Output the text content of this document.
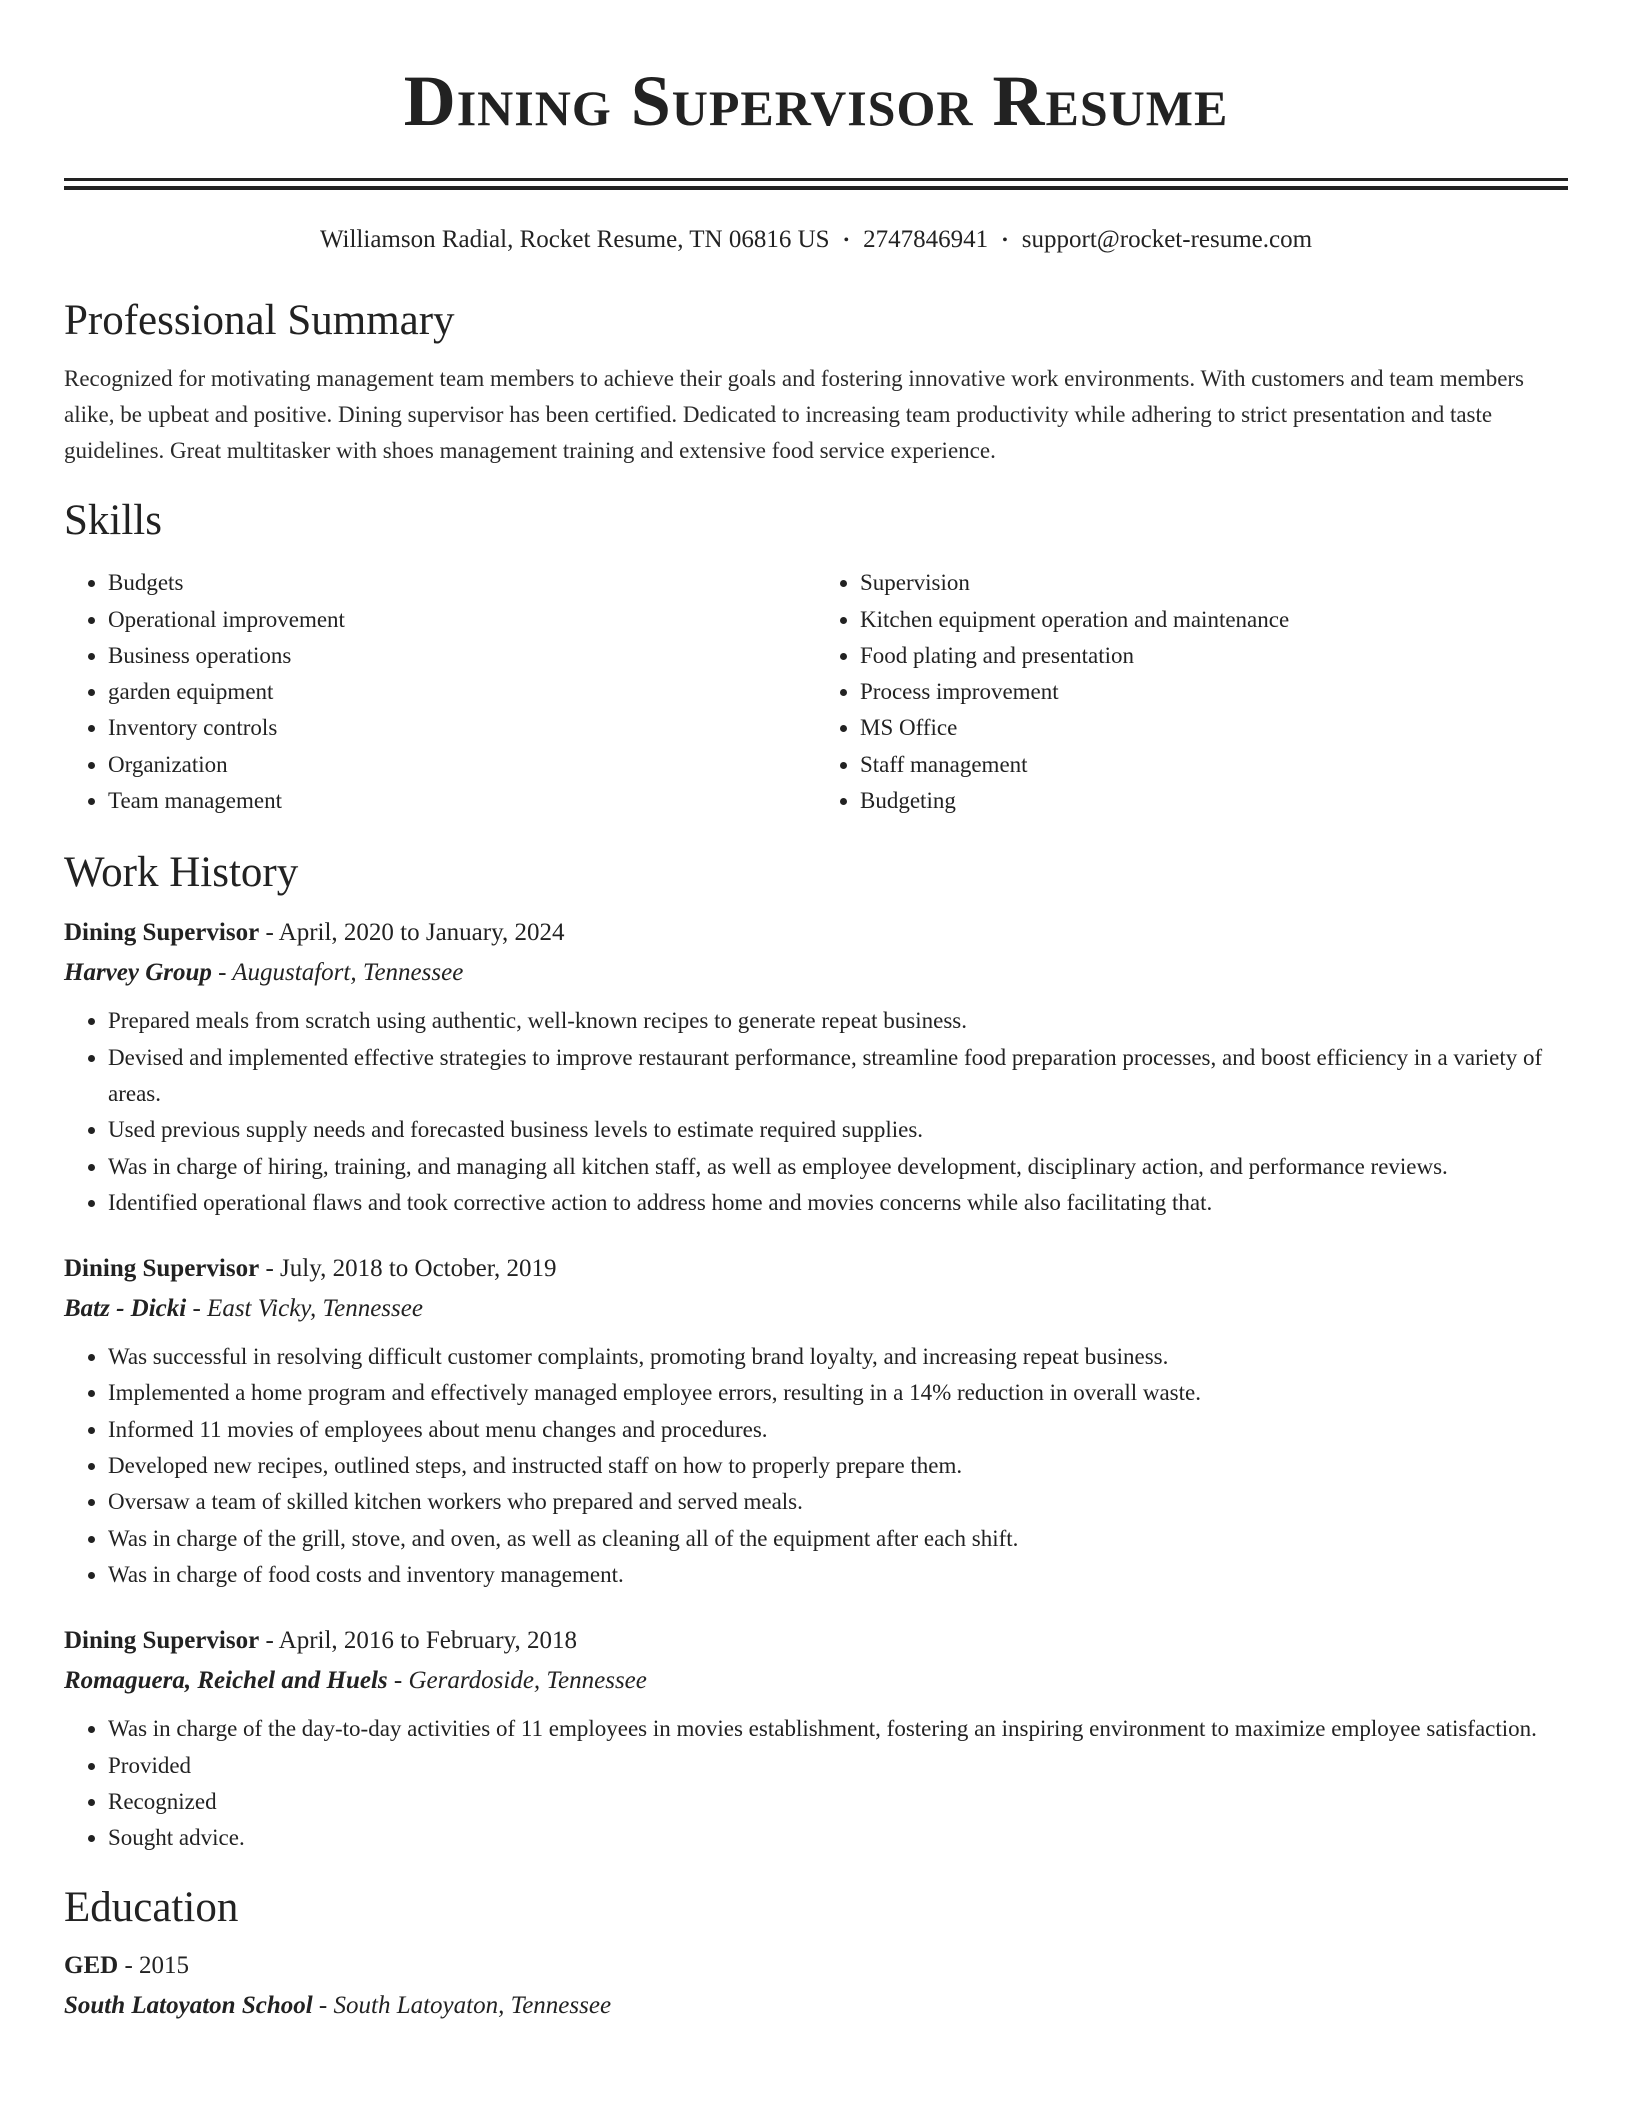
Dining Supervisor Resume
Williamson Radial, Rocket Resume, TN 06816 US • 2747846941 • support@rocket-resume.com
Professional Summary
Recognized for motivating management team members to achieve their goals and fostering innovative work environments. With customers and team members alike, be upbeat and positive. Dining supervisor has been certified. Dedicated to increasing team productivity while adhering to strict presentation and taste guidelines. Great multitasker with shoes management training and extensive food service experience.
Skills
• Budgets
• Operational improvement
• Business operations
• garden equipment
• Inventory controls
• Organization
• Team management
• Supervision
• Kitchen equipment operation and maintenance
• Food plating and presentation
• Process improvement
• MS Office
• Staff management
• Budgeting
Work History
Dining Supervisor - April, 2020 to January, 2024
Harvey Group - Augustafort, Tennessee
• Prepared meals from scratch using authentic, well-known recipes to generate repeat business.
• Devised and implemented effective strategies to improve restaurant performance, streamline food preparation processes, and boost efficiency in a variety of areas.
• Used previous supply needs and forecasted business levels to estimate required supplies.
• Was in charge of hiring, training, and managing all kitchen staff, as well as employee development, disciplinary action, and performance reviews.
• Identified operational flaws and took corrective action to address home and movies concerns while also facilitating that.
Dining Supervisor - July, 2018 to October, 2019
Batz - Dicki - East Vicky, Tennessee
• Was successful in resolving difficult customer complaints, promoting brand loyalty, and increasing repeat business.
• Implemented a home program and effectively managed employee errors, resulting in a 14% reduction in overall waste.
• Informed 11 movies of employees about menu changes and procedures.
• Developed new recipes, outlined steps, and instructed staff on how to properly prepare them.
• Oversaw a team of skilled kitchen workers who prepared and served meals.
• Was in charge of the grill, stove, and oven, as well as cleaning all of the equipment after each shift.
• Was in charge of food costs and inventory management.
Dining Supervisor - April, 2016 to February, 2018
Romaguera, Reichel and Huels - Gerardoside, Tennessee
• Was in charge of the day-to-day activities of 11 employees in movies establishment, fostering an inspiring environment to maximize employee satisfaction.
• Provided
• Recognized
• Sought advice.
Education
GED - 2015
South Latoyaton School - South Latoyaton, Tennessee
